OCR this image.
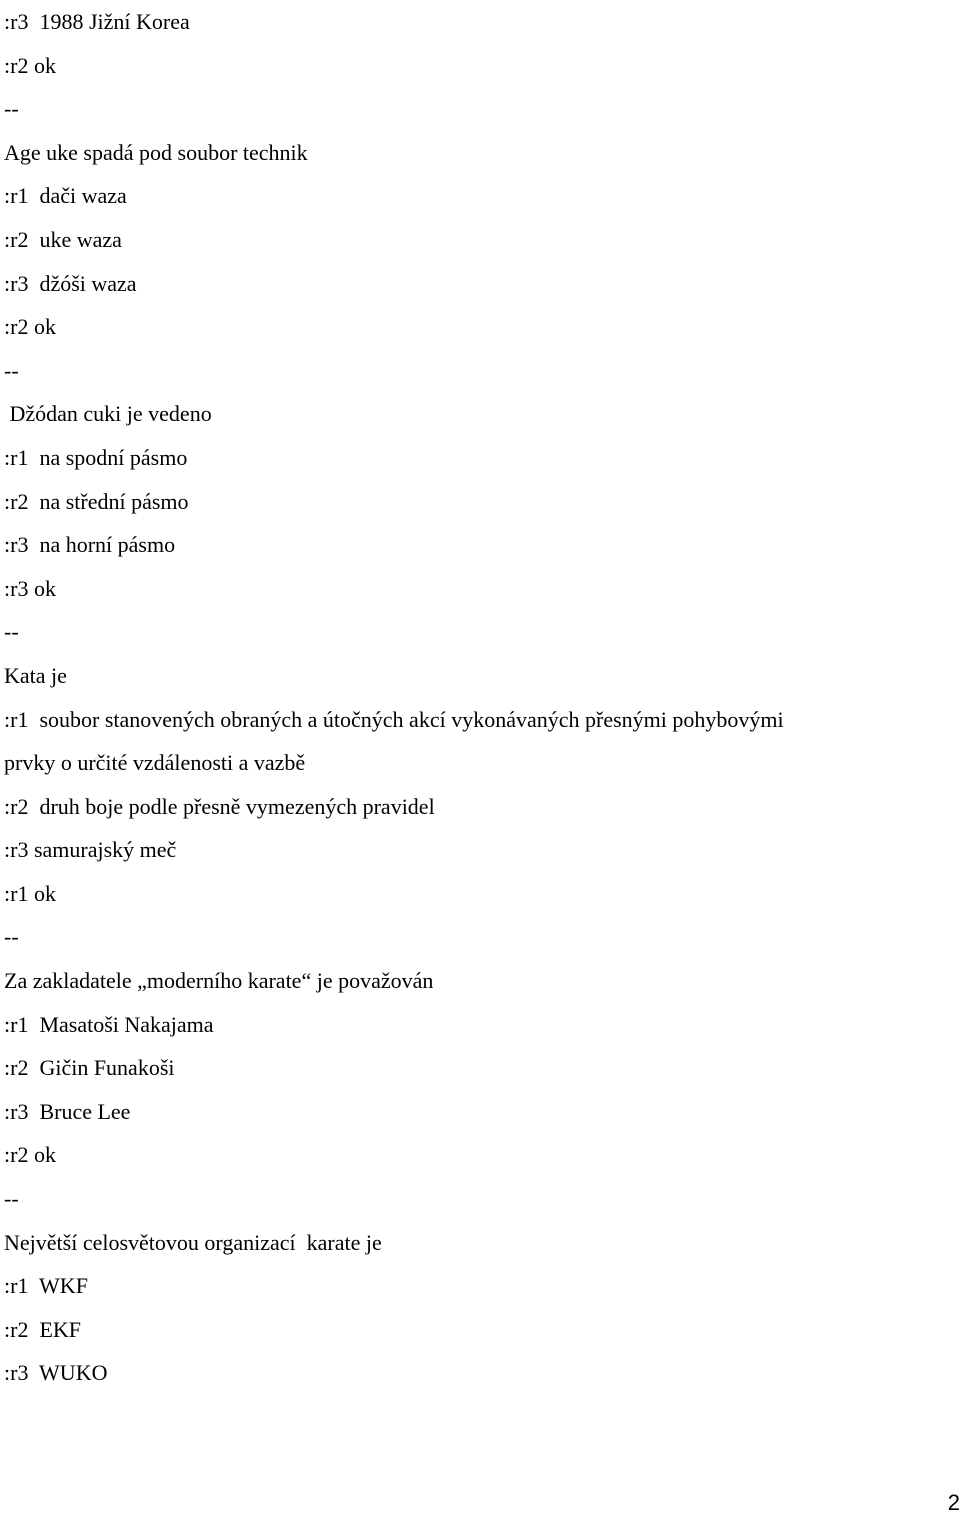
:r3  1988 Jižní Korea

:r2 ok

--

Age uke spadá pod soubor technik

:r1  dači waza

:r2  uke waza

:r3  džóši waza

:r2 ok

--

Džódan cuki je vedeno

:r1  na spodní pásmo

:r2  na střední pásmo

:r3  na horní pásmo

:r3 ok

--

Kata je

:r1  soubor stanovených obraných a útočných akcí vykonávaných přesnými pohybovými

prvky o určité vzdálenosti a vazbě

:r2  druh boje podle přesně vymezených pravidel

:r3 samurajský meč

:r1 ok

--

Za zakladatele „moderního karate“ je považován

:r1  Masatoši Nakajama

:r2  Gičin Funakoši

:r3  Bruce Lee

:r2 ok

--

Největší celosvětovou organizací  karate je

:r1  WKF

:r2  EKF

:r3  WUKO

2
